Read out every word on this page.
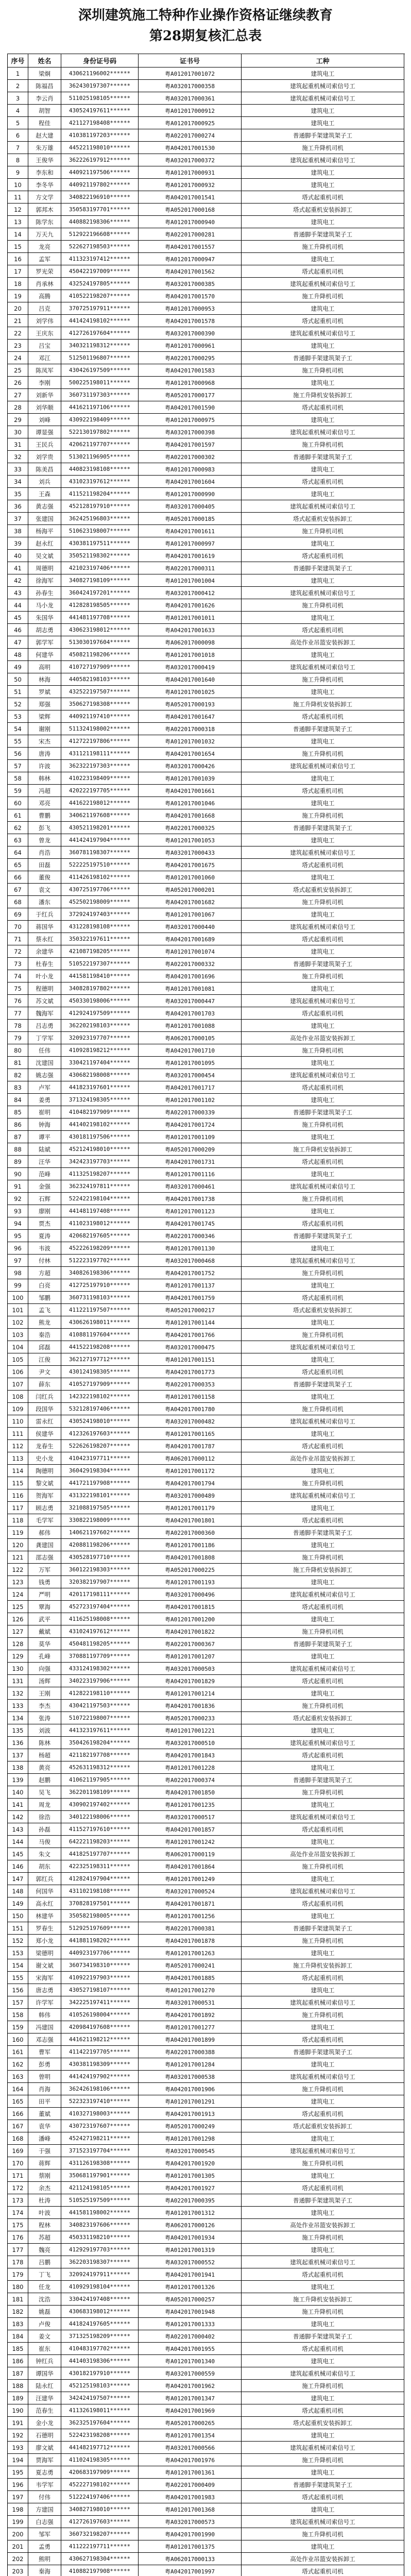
深圳建筑施工特种作业操作资格证继续教育
第28期复核汇总表
序号	姓名	身份证号码	证书号	工种
1	梁炯	430621196002******	粤A012017001072	建筑电工
2	陈福昌	362430197307******	粤A032017000358	建筑起重机械司索信号工
3	李云肖	511025198105******	粤A032017000361	建筑起重机械司索信号工
4	胡智	430524197611******	粤A012017000912	建筑电工
5	程佳	421127198408******	粤A012017000925	建筑电工
6	赵大建	410381197203******	粤A022017000274	普通脚手架建筑架子工
7	朱万雄	445221198010******	粤A042017001530	施工升降机司机
8	王俊华	362226197912******	粤A032017000372	建筑起重机械司索信号工
9	李东和	440921197506******	粤A012017000931	建筑电工
10	李冬华	440921197802******	粤A012017000932	建筑电工
11	方文学	340822196910******	粤A042017001541	塔式起重机司机
12	郭邦木	350583197701******	粤A052017000168	塔式起重机安装拆卸工
13	陈学东	440882198306******	粤A012017000940	建筑电工
14	万天九	512922196608******	粤A022017000281	普通脚手架建筑架子工
15	龙亮	522627198503******	粤A042017001557	施工升降机司机
16	孟军	411323197412******	粤A012017000947	建筑电工
17	罗光荣	450422197009******	粤A042017001562	塔式起重机司机
18	肖承林	432524197805******	粤A032017000385	建筑起重机械司索信号工
19	高腾	410522198207******	粤A042017001570	施工升降机司机
20	吕克	370725197911******	粤A012017000953	建筑电工
21	刘学伟	441424198102******	粤A042017001578	塔式起重机司机
22	王庆东	412726197604******	粤A032017000390	建筑起重机械司索信号工
23	吕宝	340321198312******	粤A012017000961	建筑电工
24	邓江	512501196807******	粤A022017000295	普通脚手架建筑架子工
25	陈凤军	430426197509******	粤A042017001583	施工升降机司机
26	李刚	500225198011******	粤A012017000968	建筑电工
27	刘新华	360731197303******	粤A052017000177	施工升降机安装拆卸工
28	刘华顺	441621197106******	粤A042017001590	塔式起重机司机
29	刘峰	430922198409******	粤A012017000975	建筑电工
30	谭显强	522130197802******	粤A032017000398	建筑起重机械司索信号工
31	王民兵	420621197707******	粤A042017001597	施工升降机司机
32	刘学贵	513021196905******	粤A022017000302	普通脚手架建筑架子工
33	陈美昌	440823198108******	粤A012017000983	建筑电工
34	刘兵	431023197612******	粤A042017001604	塔式起重机司机
35	王森	411521198204******	粤A012017000990	建筑电工
36	黄志强	452128197910******	粤A032017000405	建筑起重机械司索信号工
37	张建国	362425196803******	粤A052017000185	塔式起重机安装拆卸工
38	杨海平	510623198007******	粤A042017001611	施工升降机司机
39	赵永红	430381197511******	粤A012017000997	建筑电工
40	吴文斌	350521198302******	粤A042017001619	塔式起重机司机
41	周德明	421023197406******	粤A022017000311	普通脚手架建筑架子工
42	徐海军	340827198109******	粤A012017001004	建筑电工
43	孙春生	360424197201******	粤A032017000412	建筑起重机械司索信号工
44	马小龙	412828198505******	粤A042017001626	施工升降机司机
45	朱国华	441481197708******	粤A012017001011	建筑电工
46	胡志勇	430623198012******	粤A042017001633	塔式起重机司机
47	郭学军	513030197604******	粤A062017000098	高处作业吊篮安装拆卸工
48	何建华	450821198206******	粤A012017001018	建筑电工
49	高明	410727197909******	粤A032017000419	建筑起重机械司索信号工
50	林海	440582198103******	粤A042017001640	施工升降机司机
51	罗斌	432522197507******	粤A012017001025	建筑电工
52	郑强	350627198308******	粤A052017000193	施工升降机安装拆卸工
53	梁辉	440921197410******	粤A042017001647	塔式起重机司机
54	谢刚	511324198002******	粤A022017000318	普通脚手架建筑架子工
55	宋杰	412722197806******	粤A012017001032	建筑电工
56	唐涛	431121198111******	粤A042017001654	施工升降机司机
57	许波	362322197303******	粤A032017000426	建筑起重机械司索信号工
58	韩林	410223198409******	粤A012017001039	建筑电工
59	冯超	420222197705******	粤A042017001661	塔式起重机司机
60	邓亮	441622198012******	粤A012017001046	建筑电工
61	曹鹏	340621197608******	粤A042017001668	施工升降机司机
62	彭飞	430521198201******	粤A022017000325	普通脚手架建筑架子工
63	曾龙	441424197904******	粤A012017001053	建筑电工
64	肖浩	360781198307******	粤A032017000433	建筑起重机械司索信号工
65	田磊	522225197510******	粤A042017001675	塔式起重机司机
66	董俊	411426198102******	粤A012017001060	建筑电工
67	袁文	430725197706******	粤A052017000201	塔式起重机安装拆卸工
68	潘东	452502198009******	粤A042017001682	施工升降机司机
69	于红兵	372924197403******	粤A012017001067	建筑电工
70	蒋国华	431228198108******	粤A032017000440	建筑起重机械司索信号工
71	蔡永红	350322197611******	粤A042017001689	塔式起重机司机
72	余建华	421087198205******	粤A012017001074	建筑电工
73	杜春生	510522197307******	粤A022017000332	普通脚手架建筑架子工
74	叶小龙	441581198410******	粤A042017001696	施工升降机司机
75	程德明	340828197802******	粤A012017001081	建筑电工
76	苏文斌	450330198006******	粤A032017000447	建筑起重机械司索信号工
77	魏海军	412924197509******	粤A042017001703	塔式起重机司机
78	吕志勇	362202198103******	粤A012017001088	建筑电工
79	丁学军	320923197707******	粤A062017000105	高处作业吊篮安装拆卸工
80	任伟	410928198212******	粤A042017001710	施工升降机司机
81	沈建国	330421197404******	粤A012017001095	建筑电工
82	姚志强	430682198008******	粤A032017000454	建筑起重机械司索信号工
83	卢军	441823197601******	粤A042017001717	塔式起重机司机
84	姜勇	371324198305******	粤A012017001102	建筑电工
85	崔明	410482197909******	粤A022017000339	普通脚手架建筑架子工
86	钟海	441402198102******	粤A042017001724	施工升降机司机
87	谭平	430181197506******	粤A012017001109	建筑电工
88	陆斌	452124198010******	粤A052017000209	施工升降机安装拆卸工
89	汪华	342423197703******	粤A042017001731	塔式起重机司机
90	范峰	411325198207******	粤A012017001116	建筑电工
91	金强	362324197811******	粤A032017000461	建筑起重机械司索信号工
92	石辉	522422198104******	粤A042017001738	施工升降机司机
93	廖刚	441481197408******	粤A012017001123	建筑电工
94	贾杰	411023198012******	粤A042017001745	塔式起重机司机
95	夏涛	420682197605******	粤A022017000346	普通脚手架建筑架子工
96	韦波	452226198209******	粤A012017001130	建筑电工
97	付林	512223197702******	粤A032017000468	建筑起重机械司索信号工
98	方超	340826198306******	粤A042017001752	施工升降机司机
99	白亮	412725197910******	粤A012017001137	建筑电工
100	邹鹏	360731198103******	粤A042017001759	塔式起重机司机
101	孟飞	411221197507******	粤A052017000217	塔式起重机安装拆卸工
102	熊龙	430626198011******	粤A012017001144	建筑电工
103	秦浩	410881197604******	粤A042017001766	施工升降机司机
104	邱磊	441522198208******	粤A032017000475	建筑起重机械司索信号工
105	江俊	362127197712******	粤A012017001151	建筑电工
106	尹文	430124198305******	粤A042017001773	塔式起重机司机
107	薛东	410527197909******	粤A022017000353	普通脚手架建筑架子工
108	闫红兵	142322198102******	粤A012017001158	建筑电工
109	段国华	532128197406******	粤A042017001780	施工升降机司机
110	雷永红	430524198010******	粤A032017000482	建筑起重机械司索信号工
111	侯建华	412326197603******	粤A012017001165	建筑电工
112	龙春生	522626198207******	粤A042017001787	塔式起重机司机
113	史小龙	410423197711******	粤A062017000112	高处作业吊篮安装拆卸工
114	陶德明	360429198304******	粤A012017001172	建筑电工
115	黎文斌	441721197908******	粤A042017001794	施工升降机司机
116	贺海军	431322198101******	粤A032017000489	建筑起重机械司索信号工
117	顾志勇	321088197505******	粤A012017001179	建筑电工
118	毛学军	330822198009******	粤A042017001801	塔式起重机司机
119	郝伟	140621197602******	粤A022017000360	普通脚手架建筑架子工
120	龚建国	420881198206******	粤A012017001186	建筑电工
121	邵志强	430528197710******	粤A042017001808	施工升降机司机
122	万军	360122198303******	粤A052017000225	施工升降机安装拆卸工
123	钱勇	320382197907******	粤A012017001193	建筑电工
124	严明	420117198111******	粤A032017000496	建筑起重机械司索信号工
125	覃海	452723197404******	粤A042017001815	塔式起重机司机
126	武平	411625198008******	粤A012017001200	建筑电工
127	戴斌	431024197612******	粤A042017001822	施工升降机司机
128	莫华	450481198205******	粤A022017000367	普通脚手架建筑架子工
129	孔峰	370881197709******	粤A012017001207	建筑电工
130	向强	433124198302******	粤A032017000503	建筑起重机械司索信号工
131	汤辉	340223197906******	粤A042017001829	塔式起重机司机
132	王刚	412822198110******	粤A012017001214	建筑电工
133	李杰	430421197503******	粤A042017001836	施工升降机司机
134	张涛	510722198007******	粤A052017000233	塔式起重机安装拆卸工
135	刘波	441323197611******	粤A012017001221	建筑电工
136	陈林	350426198204******	粤A032017000510	建筑起重机械司索信号工
137	杨超	421182197708******	粤A042017001843	塔式起重机司机
138	黄亮	452631198312******	粤A012017001228	建筑电工
139	赵鹏	410621197905******	粤A022017000374	普通脚手架建筑架子工
140	吴飞	362201198109******	粤A042017001850	施工升降机司机
141	周龙	430902197402******	粤A012017001235	建筑电工
142	徐浩	340122198006******	粤A032017000517	建筑起重机械司索信号工
143	孙磊	411527197610******	粤A042017001857	塔式起重机司机
144	马俊	642221198203******	粤A012017001242	建筑电工
145	朱文	441825197707******	粤A062017000119	高处作业吊篮安装拆卸工
146	胡东	422325198311******	粤A042017001864	施工升降机司机
147	郭红兵	412824197904******	粤A012017001249	建筑电工
148	何国华	431102198108******	粤A032017000524	建筑起重机械司索信号工
149	高永红	370828197501******	粤A042017001871	塔式起重机司机
150	林建华	350582198005******	粤A012017001256	建筑电工
151	罗春生	512925197609******	粤A022017000381	普通脚手架建筑架子工
152	郑小龙	441881198202******	粤A042017001878	施工升降机司机
153	梁德明	440923197706******	粤A012017001263	建筑电工
154	谢文斌	360734198310******	粤A052017000241	施工升降机安装拆卸工
155	宋海军	410922197903******	粤A042017001885	塔式起重机司机
156	唐志勇	430527198107******	粤A012017001270	建筑电工
157	许学军	342225197411******	粤A032017000531	建筑起重机械司索信号工
158	韩伟	410526198004******	粤A042017001892	施工升降机司机
159	冯建国	420984197608******	粤A012017001277	建筑电工
160	邓志强	441621198212******	粤A042017001899	塔式起重机司机
161	曹军	411422197705******	粤A022017000388	普通脚手架建筑架子工
162	彭勇	430381198309******	粤A012017001284	建筑电工
163	曾明	441424197902******	粤A032017000538	建筑起重机械司索信号工
164	肖海	362426198106******	粤A042017001906	施工升降机司机
165	田平	522323197410******	粤A012017001291	建筑电工
166	董斌	410327198003******	粤A042017001913	塔式起重机司机
167	袁华	430723197607******	粤A052017000249	塔式起重机安装拆卸工
168	潘峰	452427198211******	粤A012017001298	建筑电工
169	于强	371523197704******	粤A032017000545	建筑起重机械司索信号工
170	蒋辉	431126198308******	粤A042017001920	施工升降机司机
171	蔡刚	350681197901******	粤A012017001305	建筑电工
172	余杰	421124198105******	粤A042017001927	塔式起重机司机
173	杜涛	510525197509******	粤A022017000395	普通脚手架建筑架子工
174	叶波	441581198002******	粤A012017001312	建筑电工
175	程林	340823197606******	粤A062017000126	高处作业吊篮安装拆卸工
176	苏超	450331198210******	粤A042017001934	施工升降机司机
177	魏亮	412929197703******	粤A012017001319	建筑电工
178	吕鹏	362203198307******	粤A032017000552	建筑起重机械司索信号工
179	丁飞	320924197911******	粤A042017001941	塔式起重机司机
180	任龙	410929198104******	粤A012017001326	建筑电工
181	沈浩	330424197408******	粤A052017000257	施工升降机安装拆卸工
182	姚磊	430683198012******	粤A042017001948	施工升降机司机
183	卢俊	441824197605******	粤A012017001333	建筑电工
184	姜文	371325198209******	粤A022017000402	普通脚手架建筑架子工
185	崔东	410483197702******	粤A042017001955	塔式起重机司机
186	钟红兵	441403198306******	粤A012017001340	建筑电工
187	谭国华	430182197910******	粤A032017000559	建筑起重机械司索信号工
188	陆永红	452125198103******	粤A042017001962	施工升降机司机
189	汪建华	342424197507******	粤A012017001347	建筑电工
190	范春生	411326198011******	粤A042017001969	塔式起重机司机
191	金小龙	362325197604******	粤A052017000265	塔式起重机安装拆卸工
192	石德明	522423198208******	粤A012017001354	建筑电工
193	廖文斌	441482197712******	粤A032017000566	建筑起重机械司索信号工
194	贾海军	411024198305******	粤A042017001976	施工升降机司机
195	夏志勇	420683197909******	粤A012017001361	建筑电工
196	韦学军	452227198102******	粤A022017000409	普通脚手架建筑架子工
197	付伟	512224197406******	粤A042017001983	塔式起重机司机
198	方建国	340827198010******	粤A012017001368	建筑电工
199	白志强	412726197603******	粤A032017000573	建筑起重机械司索信号工
200	邹军	360732198207******	粤A042017001990	施工升降机司机
201	孟勇	411222197711******	粤A012017001375	建筑电工
202	熊明	430627198304******	粤A062017000133	高处作业吊篮安装拆卸工
203	秦海	410882197908******	粤A042017001997	塔式起重机司机
